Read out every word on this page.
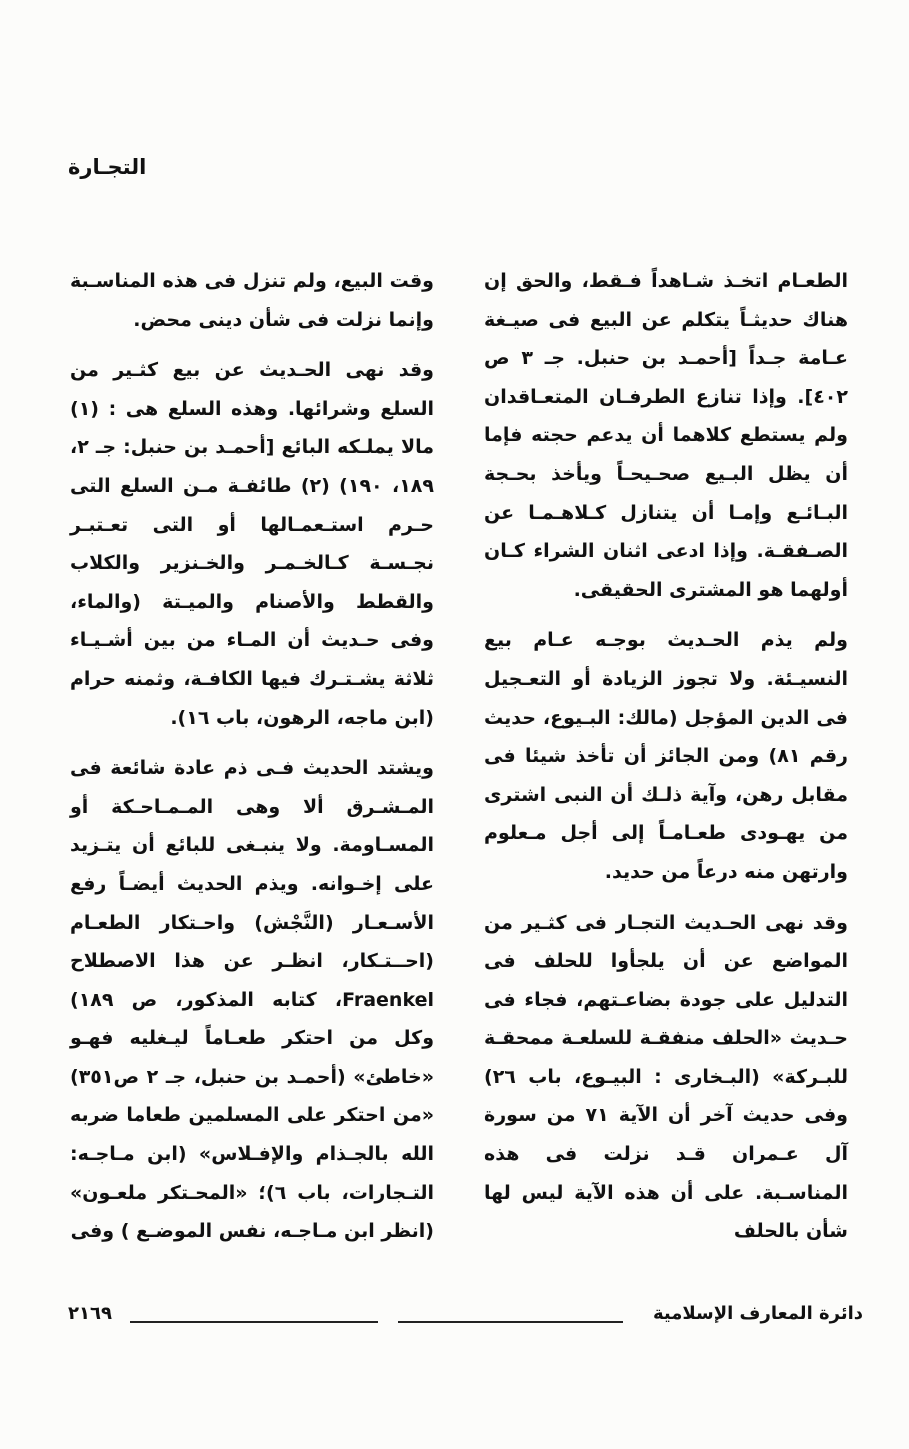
التجـارة

الطعـام اتخـذ شـاهداً فـقط، والحق إن هناك حديثـاً يتكلم عن البيع فى صيـغة عـامة جـداً [أحمـد بن حنبل. جـ ٣ ص ٤٠٢]. وإذا تنازع الطرفـان المتعـاقدان ولم يستطع كلاهما أن يدعم حجته فإما أن يظل البـيع صحـيحـاً ويأخذ بحـجة البـائـع وإمـا أن يتنازل كـلاهـمـا عن الصـفقـة. وإذا ادعى اثنان الشراء كـان أولهما هو المشترى الحقيقى.

ولم يذم الحـديث بوجـه عـام بيع النسيـئة. ولا تجوز الزيادة أو التعـجيل فى الدين المؤجل (مالك: البـيوع، حديث رقم ٨١) ومن الجائز أن تأخذ شيئا فى مقابل رهن، وآية ذلـك أن النبى اشترى من يهـودى طعـامـاً إلى أجل مـعلوم وارتهن منه درعاً من حديد.

وقد نهى الحـديث التجـار فى كثـير من المواضع عن أن يلجأوا للحلف فى التدليل على جودة بضاعـتهم، فجاء فى حـديث «الحلف منفقـة للسلعـة ممحقـة للبـركة» (البـخارى : البيـوع، باب ٢٦) وفى حديث آخر أن الآية ٧١ من سورة آل عـمران قـد نزلت فى هذه المناسـبة. على أن هذه الآية ليس لها شأن بالحلف

وقت البيع، ولم تنزل فى هذه المناسـبة وإنما نزلت فى شأن دينى محض.

وقد نهى الحـديث عن بيع كثـير من السلع وشرائها. وهذه السلع هى : (١) مالا يملـكه البائع [أحمـد بن حنبل: جـ ٢، ١٨٩، ١٩٠) (٢) طائفـة مـن السلع التى حـرم استـعمـالها أو التى تعـتبـر نجـسـة كـالخـمـر والخـنزير والكلاب والقطط والأصنام والميـتة (والماء، وفى حـديث أن المـاء من بين أشـيـاء ثلاثة يشـتـرك فيها الكافـة، وثمنه حرام (ابن ماجه، الرهون، باب ١٦).

ويشتد الحديث فـى ذم عادة شائعة فى المـشـرق ألا وهى المـمـاحـكة أو المسـاومة. ولا ينبـغى للبائع أن يتـزيد على إخـوانه. ويذم الحديث أيضـاً رفع الأسـعـار (النَّجْش) واحـتكار الطعـام (احــتـكار، انظـر عن هذا الاصطلاح Fraenkel، كتابه المذكور، ص ١٨٩) وكل من احتكر طعـاماً ليـغليه فهـو «خاطئ» (أحمـد بن حنبل، جـ ٢ ص٣٥١) «من احتكر على المسلمين طعاما ضربه الله بالجـذام والإفـلاس» (ابن مـاجـه: التـجارات، باب ٦)؛ «المحـتكر ملعـون» (انظر ابن مـاجـه، نفس الموضـع ) وفى

٢١٦٩	دائرة المعارف الإسلامية
